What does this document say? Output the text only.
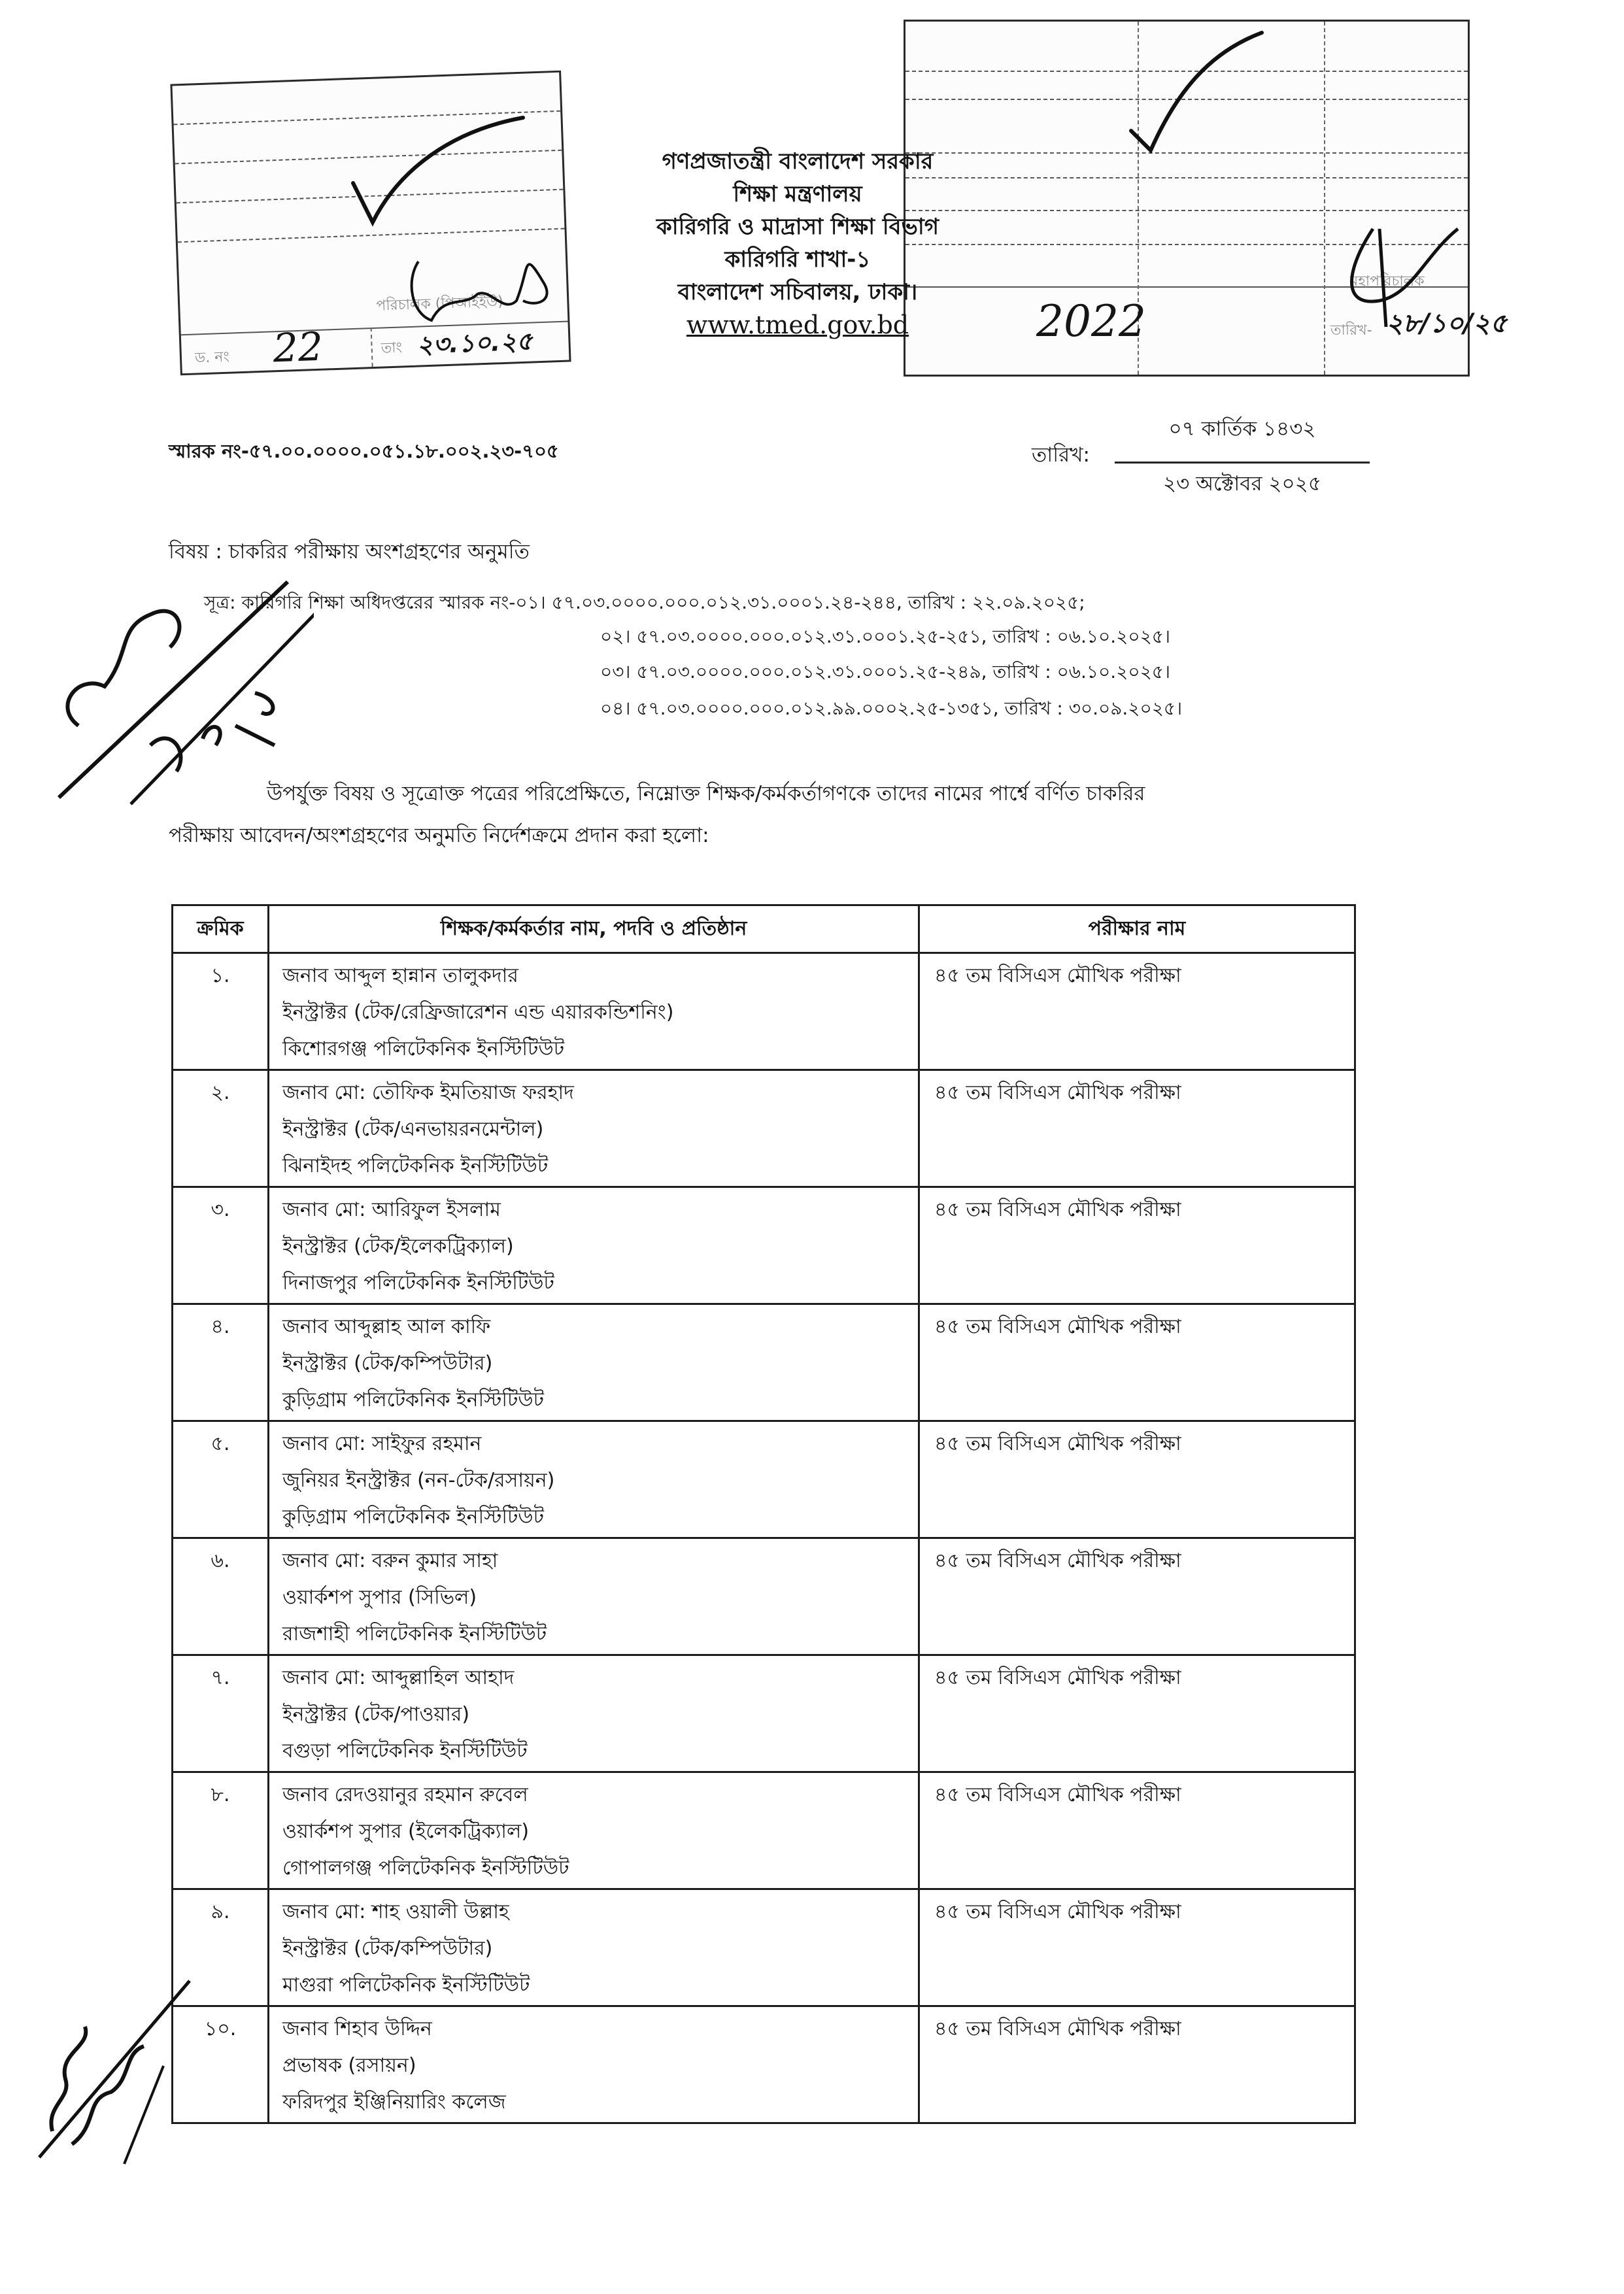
পরিচালক (পিআইইউ)
ড. নং 22	তাং ২৩.১০.২৫
মহাপরিচালক
2022	তারিখ- ২৮/১০/২৫
গণপ্রজাতন্ত্রী বাংলাদেশ সরকার
শিক্ষা মন্ত্রণালয়
কারিগরি ও মাদ্রাসা শিক্ষা বিভাগ
কারিগরি শাখা-১
বাংলাদেশ সচিবালয়, ঢাকা।
www.tmed.gov.bd
স্মারক নং-৫৭.০০.০০০০.০৫১.১৮.০০২.২৩-৭০৫	তারিখ:
০৭ কার্তিক ১৪৩২
২৩ অক্টোবর ২০২৫
বিষয় : চাকরির পরীক্ষায় অংশগ্রহণের অনুমতি
সূত্র: কারিগরি শিক্ষা অধিদপ্তরের স্মারক নং-০১। ৫৭.০৩.০০০০.০০০.০১২.৩১.০০০১.২৪-২৪৪, তারিখ : ২২.০৯.২০২৫;
০২। ৫৭.০৩.০০০০.০০০.০১২.৩১.০০০১.২৫-২৫১, তারিখ : ০৬.১০.২০২৫।
০৩। ৫৭.০৩.০০০০.০০০.০১২.৩১.০০০১.২৫-২৪৯, তারিখ : ০৬.১০.২০২৫।
০৪। ৫৭.০৩.০০০০.০০০.০১২.৯৯.০০০২.২৫-১৩৫১, তারিখ : ৩০.০৯.২০২৫।
উপর্যুক্ত বিষয় ও সূত্রোক্ত পত্রের পরিপ্রেক্ষিতে, নিম্নোক্ত শিক্ষক/কর্মকর্তাগণকে তাদের নামের পার্শ্বে বর্ণিত চাকরির
পরীক্ষায় আবেদন/অংশগ্রহণের অনুমতি নির্দেশক্রমে প্রদান করা হলো:
ক্রমিক	শিক্ষক/কর্মকর্তার নাম, পদবি ও প্রতিষ্ঠান	পরীক্ষার নাম
১.	জনাব আব্দুল হান্নান তালুকদার
ইনস্ট্রাক্টর (টেক/রেফ্রিজারেশন এন্ড এয়ারকন্ডিশনিং)
কিশোরগঞ্জ পলিটেকনিক ইনস্টিটিউট	৪৫ তম বিসিএস মৌখিক পরীক্ষা
২.	জনাব মো: তৌফিক ইমতিয়াজ ফরহাদ
ইনস্ট্রাক্টর (টেক/এনভায়রনমেন্টাল)
ঝিনাইদহ পলিটেকনিক ইনস্টিটিউট	৪৫ তম বিসিএস মৌখিক পরীক্ষা
৩.	জনাব মো: আরিফুল ইসলাম
ইনস্ট্রাক্টর (টেক/ইলেকট্রিক্যাল)
দিনাজপুর পলিটেকনিক ইনস্টিটিউট	৪৫ তম বিসিএস মৌখিক পরীক্ষা
৪.	জনাব আব্দুল্লাহ আল কাফি
ইনস্ট্রাক্টর (টেক/কম্পিউটার)
কুড়িগ্রাম পলিটেকনিক ইনস্টিটিউট	৪৫ তম বিসিএস মৌখিক পরীক্ষা
৫.	জনাব মো: সাইফুর রহমান
জুনিয়র ইনস্ট্রাক্টর (নন-টেক/রসায়ন)
কুড়িগ্রাম পলিটেকনিক ইনস্টিটিউট	৪৫ তম বিসিএস মৌখিক পরীক্ষা
৬.	জনাব মো: বরুন কুমার সাহা
ওয়ার্কশপ সুপার (সিভিল)
রাজশাহী পলিটেকনিক ইনস্টিটিউট	৪৫ তম বিসিএস মৌখিক পরীক্ষা
৭.	জনাব মো: আব্দুল্লাহিল আহাদ
ইনস্ট্রাক্টর (টেক/পাওয়ার)
বগুড়া পলিটেকনিক ইনস্টিটিউট	৪৫ তম বিসিএস মৌখিক পরীক্ষা
৮.	জনাব রেদওয়ানুর রহমান রুবেল
ওয়ার্কশপ সুপার (ইলেকট্রিক্যাল)
গোপালগঞ্জ পলিটেকনিক ইনস্টিটিউট	৪৫ তম বিসিএস মৌখিক পরীক্ষা
৯.	জনাব মো: শাহ ওয়ালী উল্লাহ
ইনস্ট্রাক্টর (টেক/কম্পিউটার)
মাগুরা পলিটেকনিক ইনস্টিটিউট	৪৫ তম বিসিএস মৌখিক পরীক্ষা
১০.	জনাব শিহাব উদ্দিন
প্রভাষক (রসায়ন)
ফরিদপুর ইঞ্জিনিয়ারিং কলেজ	৪৫ তম বিসিএস মৌখিক পরীক্ষা
